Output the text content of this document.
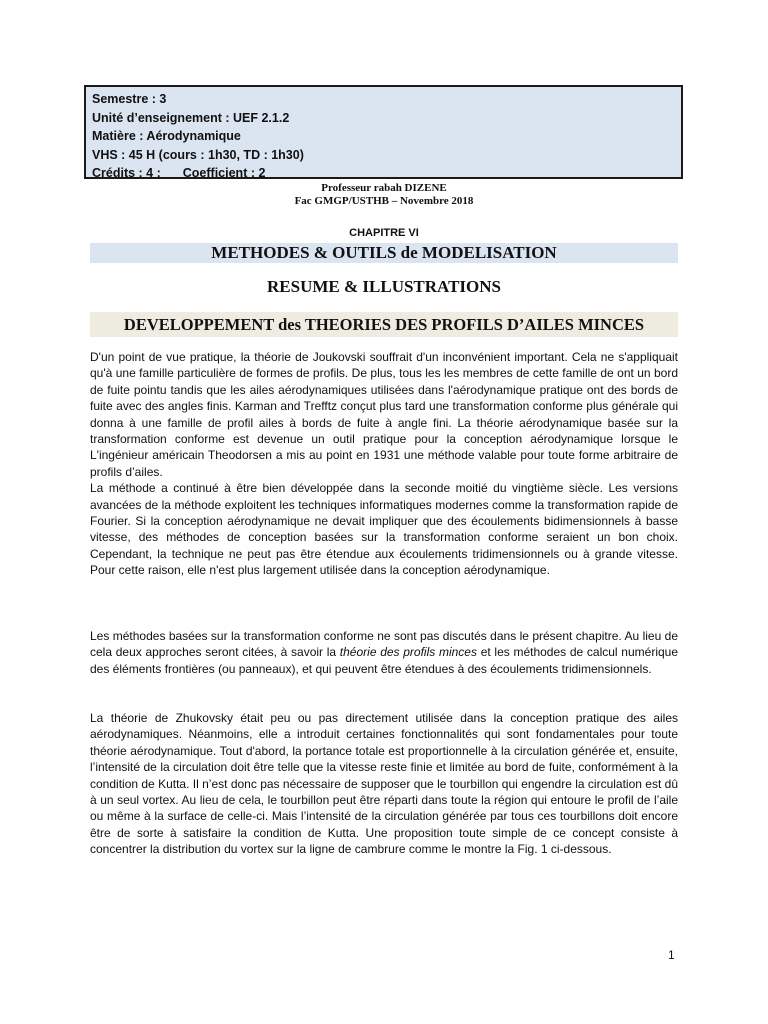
Semestre : 3
Unité d’enseignement : UEF 2.1.2
Matière : Aérodynamique
VHS : 45 H (cours : 1h30, TD : 1h30)
Crédits : 4 ; Coefficient : 2
Professeur rabah DIZENE
Fac GMGP/USTHB – Novembre 2018
CHAPITRE VI
METHODES & OUTILS de MODELISATION
RESUME & ILLUSTRATIONS
DEVELOPPEMENT des THEORIES DES PROFILS D’AILES MINCES

D'un point de vue pratique, la théorie de Joukovski souffrait d'un inconvénient important. Cela ne s'appliquait qu'à une famille particulière de formes de profils. De plus, tous les les membres de cette famille de ont un bord de fuite pointu tandis que les ailes aérodynamiques utilisées dans l'aérodynamique pratique ont des bords de fuite avec des angles finis. Karman and Trefftz conçut plus tard une transformation conforme plus générale qui donna à une famille de profil ailes à bords de fuite à angle fini. La théorie aérodynamique basée sur la transformation conforme est devenue un outil pratique pour la conception aérodynamique lorsque le L'ingénieur américain Theodorsen a mis au point en 1931 une méthode valable pour toute forme arbitraire de profils d’ailes.

La méthode a continué à être bien développée dans la seconde moitié du vingtième siècle. Les versions avancées de la méthode exploitent les techniques informatiques modernes comme la transformation rapide de Fourier. Si la conception aérodynamique ne devait impliquer que des écoulements bidimensionnels à basse vitesse, des méthodes de conception basées sur la transformation conforme seraient un bon choix. Cependant, la technique ne peut pas être étendue aux écoulements tridimensionnels ou à grande vitesse. Pour cette raison, elle n'est plus largement utilisée dans la conception aérodynamique.

Les méthodes basées sur la transformation conforme ne sont pas discutés dans le présent chapitre. Au lieu de cela deux approches seront citées, à savoir la théorie des profils minces et les méthodes de calcul numérique des éléments frontières (ou panneaux), et qui peuvent être étendues à des écoulements tridimensionnels.

La théorie de Zhukovsky était peu ou pas directement utilisée dans la conception pratique des ailes aérodynamiques. Néanmoins, elle a introduit certaines fonctionnalités qui sont fondamentales pour toute théorie aérodynamique. Tout d'abord, la portance totale est proportionnelle à la circulation générée et, ensuite, l’intensité de la circulation doit être telle que la vitesse reste finie et limitée au bord de fuite, conformément à la condition de Kutta. Il n’est donc pas nécessaire de supposer que le tourbillon qui engendre la circulation est dû à un seul vortex. Au lieu de cela, le tourbillon peut être réparti dans toute la région qui entoure le profil de l’aile ou même à la surface de celle-ci. Mais l’intensité de la circulation générée par tous ces tourbillons doit encore être de sorte à satisfaire la condition de Kutta. Une proposition toute simple de ce concept consiste à concentrer la distribution du vortex sur la ligne de cambrure comme le montre la Fig. 1 ci-dessous.

1
